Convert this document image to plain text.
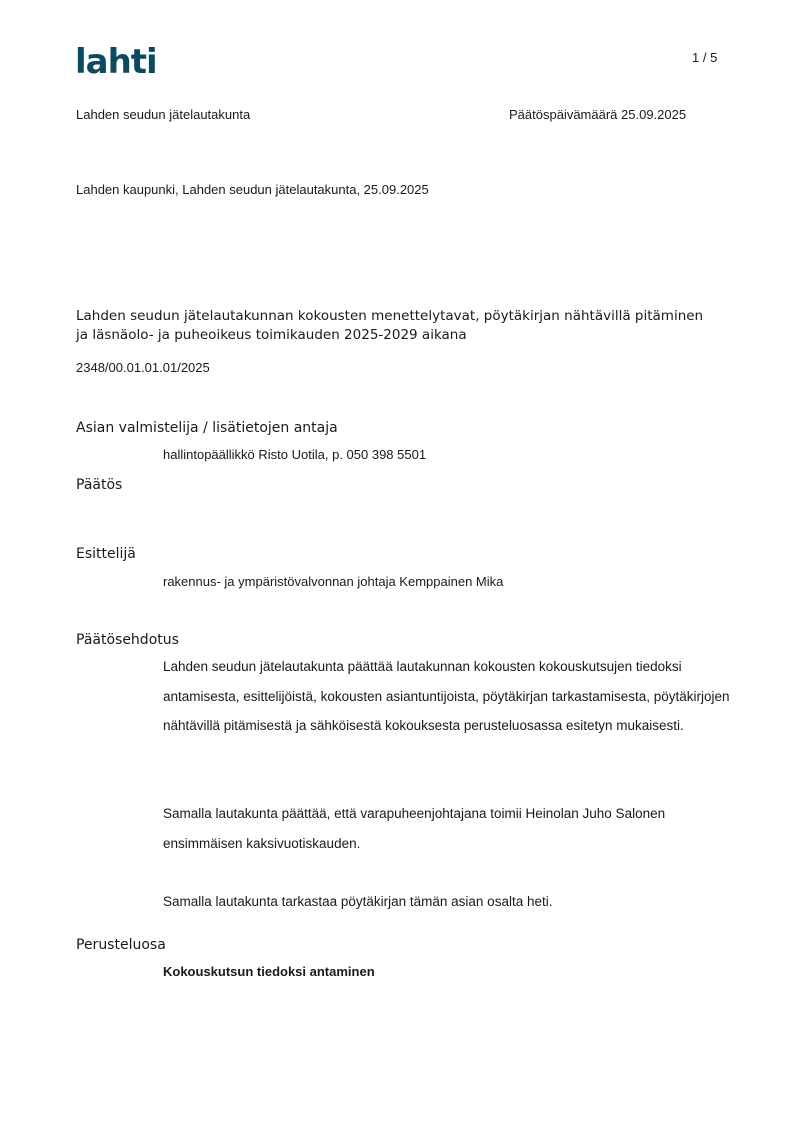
lahti	1 / 5
Lahden seudun jätelautakunta	Päätöspäivämäärä 25.09.2025
Lahden kaupunki, Lahden seudun jätelautakunta, 25.09.2025
Lahden seudun jätelautakunnan kokousten menettelytavat, pöytäkirjan nähtävillä pitäminen ja läsnäolo- ja puheoikeus toimikauden 2025-2029 aikana
2348/00.01.01.01/2025
Asian valmistelija / lisätietojen antaja
hallintopäällikkö Risto Uotila, p. 050 398 5501
Päätös
Esittelijä
rakennus- ja ympäristövalvonnan johtaja Kemppainen Mika
Päätösehdotus
Lahden seudun jätelautakunta päättää lautakunnan kokousten kokouskutsujen tiedoksi antamisesta, esittelijöistä, kokousten asiantuntijoista, pöytäkirjan tarkastamisesta, pöytäkirjojen nähtävillä pitämisestä ja sähköisestä kokouksesta perusteluosassa esitetyn mukaisesti.
Samalla lautakunta päättää, että varapuheenjohtajana toimii Heinolan Juho Salonen ensimmäisen kaksivuotiskauden.
Samalla lautakunta tarkastaa pöytäkirjan tämän asian osalta heti.
Perusteluosa
Kokouskutsun tiedoksi antaminen
